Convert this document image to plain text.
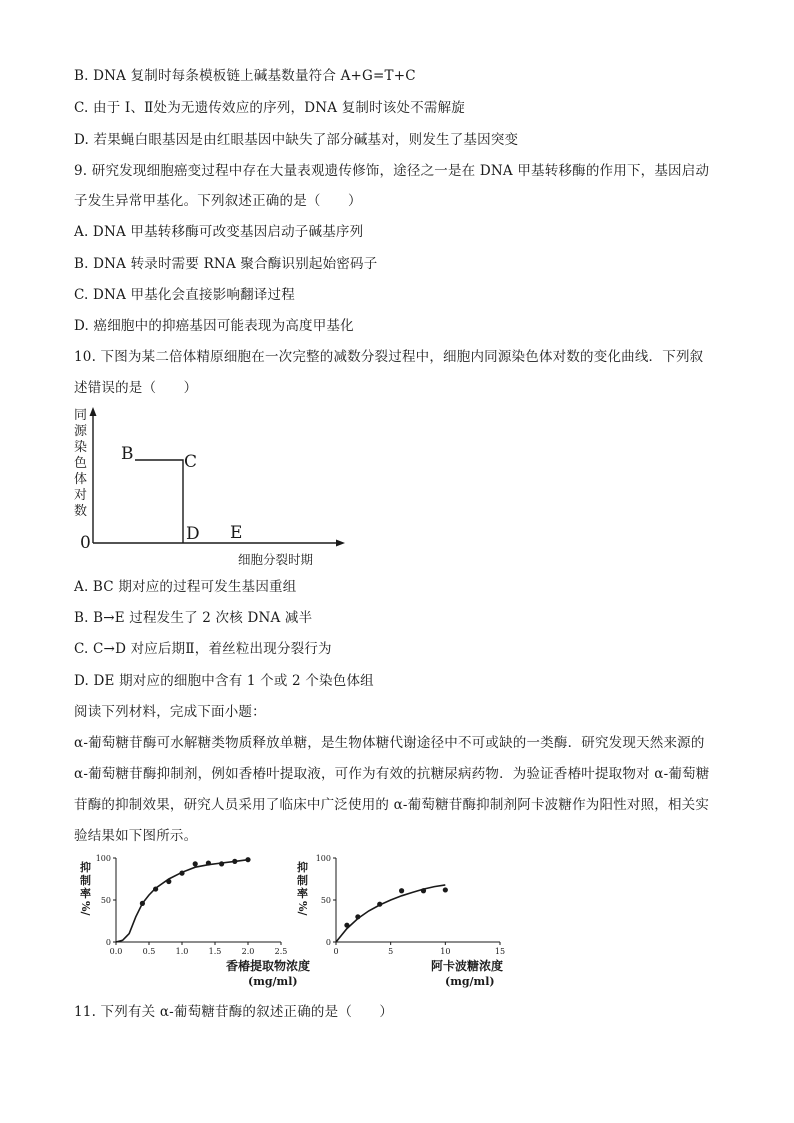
B. DNA 复制时每条模板链上碱基数量符合 A+G=T+C
C. 由于 Ⅰ、Ⅱ处为无遗传效应的序列，DNA 复制时该处不需解旋
D. 若果蝇白眼基因是由红眼基因中缺失了部分碱基对，则发生了基因突变
9. 研究发现细胞癌变过程中存在大量表观遗传修饰，途径之一是在 DNA 甲基转移酶的作用下，基因启动
子发生异常甲基化。下列叙述正确的是（　　）
A. DNA 甲基转移酶可改变基因启动子碱基序列
B. DNA 转录时需要 RNA 聚合酶识别起始密码子
C. DNA 甲基化会直接影响翻译过程
D. 癌细胞中的抑癌基因可能表现为高度甲基化
10. 下图为某二倍体精原细胞在一次完整的减数分裂过程中，细胞内同源染色体对数的变化曲线．下列叙
述错误的是（　　）
同
源
染
色
体
对
数
0
细胞分裂时期
B	C
D E
A. BC 期对应的过程可发生基因重组
B. B→E 过程发生了 2 次核 DNA 减半
C. C→D 对应后期Ⅱ，着丝粒出现分裂行为
D. DE 期对应的细胞中含有 1 个或 2 个染色体组
阅读下列材料，完成下面小题：
α-葡萄糖苷酶可水解糖类物质释放单糖，是生物体糖代谢途径中不可或缺的一类酶．研究发现天然来源的
α-葡萄糖苷酶抑制剂，例如香椿叶提取液，可作为有效的抗糖尿病药物．为验证香椿叶提取物对 α-葡萄糖
苷酶的抑制效果，研究人员采用了临床中广泛使用的 α-葡萄糖苷酶抑制剂阿卡波糖作为阳性对照，相关实
验结果如下图所示。
抑
制
率
%/
0.0	0.5	1.0	1.5	2.0	2.5
0
50
100
香椿提取物浓度
(mg/ml)
抑
制
率
%/
0	5	10	15
0
50
100
阿卡波糖浓度
(mg/ml)
11. 下列有关 α-葡萄糖苷酶的叙述正确的是（　　）
